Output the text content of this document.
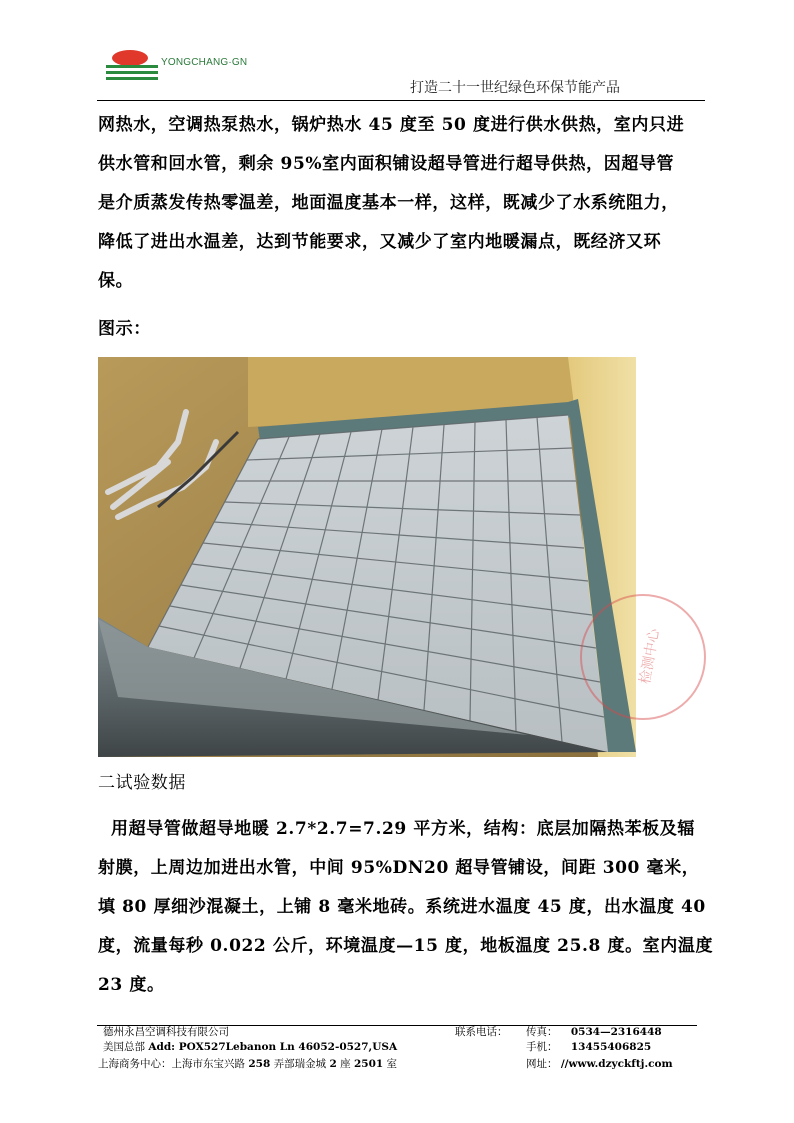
YONGCHANG·GN
打造二十一世纪绿色环保节能产品

网热水，空调热泵热水，锅炉热水 45 度至 50 度进行供水供热，室内只进
供水管和回水管，剩余 95%室内面积铺设超导管进行超导供热，因超导管
是介质蒸发传热零温差，地面温度基本一样，这样，既减少了水系统阻力，
降低了进出水温差，达到节能要求，又减少了室内地暖漏点，既经济又环
保。

图示：

检测中心

二试验数据

用超导管做超导地暖 2.7*2.7=7.29 平方米，结构：底层加隔热苯板及辐
射膜，上周边加进出水管，中间 95%DN20 超导管铺设，间距 300 毫米，
填 80 厚细沙混凝土，上铺 8 毫米地砖。系统进水温度 45 度，出水温度 40
度，流量每秒 0.022 公斤，环境温度—15 度，地板温度 25.8 度。室内温度
23 度。

德州永昌空调科技有限公司
美国总部 Add: POX527Lebanon Ln 46052-0527,USA
上海商务中心：上海市东宝兴路 258 弄部瑞金城 2 座 2501 室
联系电话： 传真： 0534—2316448
手机： 13455406825
网址： //www.dzyckftj.com
